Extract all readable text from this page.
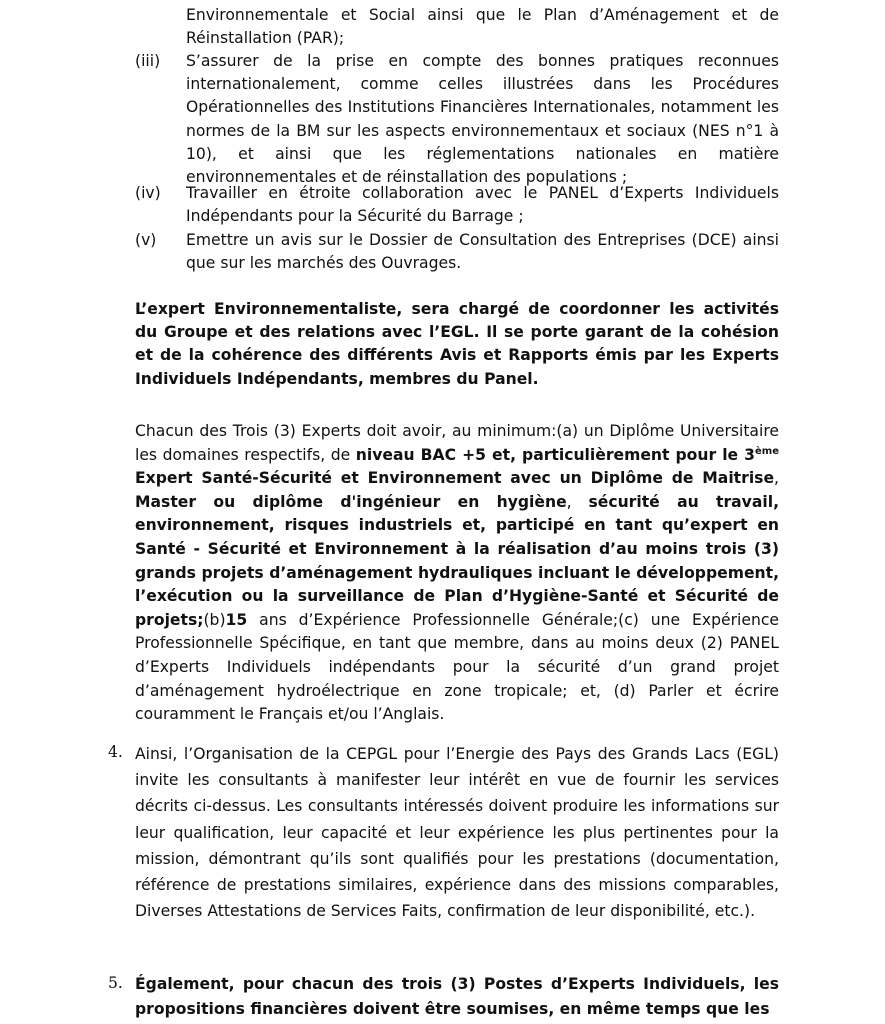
Environnementale et Social ainsi que le Plan d’Aménagement et de Réinstallation (PAR);

(iii) S’assurer de la prise en compte des bonnes pratiques reconnues internationalement, comme celles illustrées dans les Procédures Opérationnelles des Institutions Financières Internationales, notamment les normes de la BM sur les aspects environnementaux et sociaux (NES n°1 à 10), et ainsi que les réglementations nationales en matière environnementales et de réinstallation des populations ;

(iv) Travailler en étroite collaboration avec le PANEL d’Experts Individuels Indépendants pour la Sécurité du Barrage ;

(v) Emettre un avis sur le Dossier de Consultation des Entreprises (DCE) ainsi que sur les marchés des Ouvrages.

L’expert Environnementaliste, sera chargé de coordonner les activités du Groupe et des relations avec l’EGL. Il se porte garant de la cohésion et de la cohérence des différents Avis et Rapports émis par les Experts Individuels Indépendants, membres du Panel.

Chacun des Trois (3) Experts doit avoir, au minimum:(a) un Diplôme Universitaire les domaines respectifs, de niveau BAC +5 et, particulièrement pour le 3ème Expert Santé-Sécurité et Environnement avec un Diplôme de Maitrise, Master ou diplôme d'ingénieur en hygiène, sécurité au travail, environnement, risques industriels et, participé en tant qu’expert en Santé - Sécurité et Environnement à la réalisation d’au moins trois (3) grands projets d’aménagement hydrauliques incluant le développement, l’exécution ou la surveillance de Plan d’Hygiène-Santé et Sécurité de projets;(b)15 ans d’Expérience Professionnelle Générale;(c) une Expérience Professionnelle Spécifique, en tant que membre, dans au moins deux (2) PANEL d’Experts Individuels indépendants pour la sécurité d’un grand projet d’aménagement hydroélectrique en zone tropicale; et, (d) Parler et écrire couramment le Français et/ou l’Anglais.

4. Ainsi, l’Organisation de la CEPGL pour l’Energie des Pays des Grands Lacs (EGL) invite les consultants à manifester leur intérêt en vue de fournir les services décrits ci-dessus. Les consultants intéressés doivent produire les informations sur leur qualification, leur capacité et leur expérience les plus pertinentes pour la mission, démontrant qu’ils sont qualifiés pour les prestations (documentation, référence de prestations similaires, expérience dans des missions comparables, Diverses Attestations de Services Faits, confirmation de leur disponibilité, etc.).

5. Également, pour chacun des trois (3) Postes d’Experts Individuels, les propositions financières doivent être soumises, en même temps que les
